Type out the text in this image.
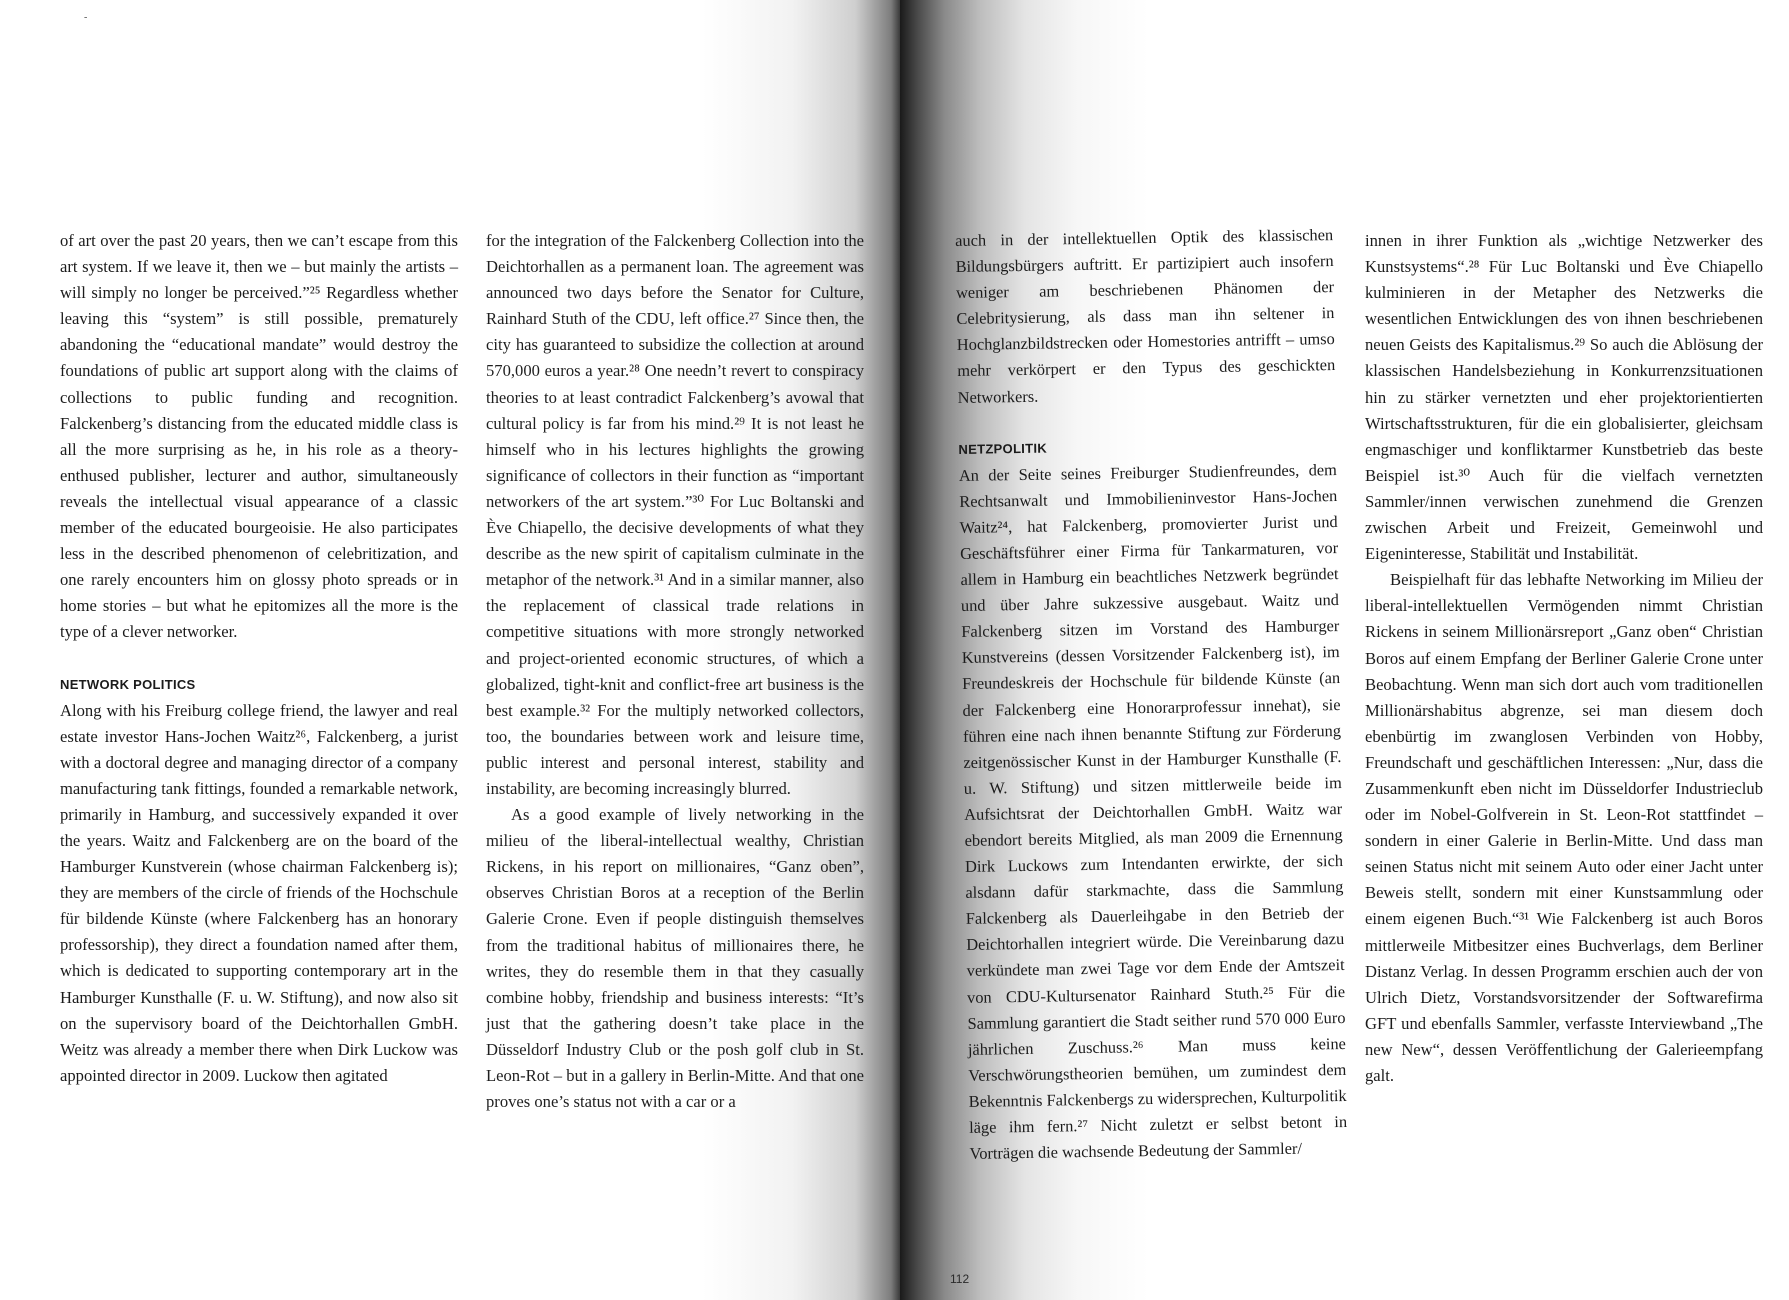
-

of art over the past 20 years, then we can’t escape from this art system. If we leave it, then we – but mainly the artists – will simply no longer be perceived.”²⁵ Regardless whether leaving this “system” is still possible, prematurely abandoning the “educational mandate” would destroy the foundations of public art support along with the claims of collections to public funding and recognition. Falckenberg’s distancing from the educated middle class is all the more surprising as he, in his role as a theory-enthused publisher, lecturer and author, simultaneously reveals the intellectual visual appearance of a classic member of the educated bourgeoisie. He also participates less in the described phenomenon of celebritization, and one rarely encounters him on glossy photo spreads or in home stories – but what he epitomizes all the more is the type of a clever networker.

NETWORK POLITICS

Along with his Freiburg college friend, the lawyer and real estate investor Hans-Jochen Waitz²⁶, Falckenberg, a jurist with a doctoral degree and managing director of a company manufacturing tank fittings, founded a remarkable network, primarily in Hamburg, and successively expanded it over the years. Waitz and Falckenberg are on the board of the Hamburger Kunstverein (whose chairman Falckenberg is); they are members of the circle of friends of the Hochschule für bildende Künste (where Falckenberg has an honorary professorship), they direct a foundation named after them, which is dedicated to supporting contemporary art in the Hamburger Kunsthalle (F. u. W. Stiftung), and now also sit on the supervisory board of the Deichtorhallen GmbH. Weitz was already a member there when Dirk Luckow was appointed director in 2009. Luckow then agitated

for the integration of the Falckenberg Collection into the Deichtorhallen as a permanent loan. The agreement was announced two days before the Senator for Culture, Rainhard Stuth of the CDU, left office.²⁷ Since then, the city has guaranteed to subsidize the collection at around 570,000 euros a year.²⁸ One needn’t revert to conspiracy theories to at least contradict Falckenberg’s avowal that cultural policy is far from his mind.²⁹ It is not least he himself who in his lectures highlights the growing significance of collectors in their function as “important networkers of the art system.”³⁰ For Luc Boltanski and Ève Chiapello, the decisive developments of what they describe as the new spirit of capitalism culminate in the metaphor of the network.³¹ And in a similar manner, also the replacement of classical trade relations in competitive situations with more strongly networked and project-oriented economic structures, of which a globalized, tight-knit and conflict-free art business is the best example.³² For the multiply networked collectors, too, the boundaries between work and leisure time, public interest and personal interest, stability and instability, are becoming increasingly blurred.

As a good example of lively networking in the milieu of the liberal-intellectual wealthy, Christian Rickens, in his report on millionaires, “Ganz oben”, observes Christian Boros at a reception of the Berlin Galerie Crone. Even if people distinguish themselves from the traditional habitus of millionaires there, he writes, they do resemble them in that they casually combine hobby, friendship and business interests: “It’s just that the gathering doesn’t take place in the Düsseldorf Industry Club or the posh golf club in St. Leon-Rot – but in a gallery in Berlin-Mitte. And that one proves one’s status not with a car or a

auch in der intellektuellen Optik des klassischen Bildungsbürgers auftritt. Er partizipiert auch insofern weniger am beschriebenen Phänomen der Celebritysierung, als dass man ihn seltener in Hochglanzbildstrecken oder Homestories antrifft – umso mehr verkörpert er den Typus des geschickten Networkers.

NETZPOLITIK

An der Seite seines Freiburger Studienfreundes, dem Rechtsanwalt und Immobilieninvestor Hans-Jochen Waitz²⁴, hat Falckenberg, promovierter Jurist und Geschäftsführer einer Firma für Tankarmaturen, vor allem in Hamburg ein beachtliches Netzwerk begründet und über Jahre sukzessive ausgebaut. Waitz und Falckenberg sitzen im Vorstand des Hamburger Kunstvereins (dessen Vorsitzender Falckenberg ist), im Freundeskreis der Hochschule für bildende Künste (an der Falckenberg eine Honorarprofessur innehat), sie führen eine nach ihnen benannte Stiftung zur Förderung zeitgenössischer Kunst in der Hamburger Kunsthalle (F. u. W. Stiftung) und sitzen mittlerweile beide im Aufsichtsrat der Deichtorhallen GmbH. Waitz war ebendort bereits Mitglied, als man 2009 die Ernennung Dirk Luckows zum Intendanten erwirkte, der sich alsdann dafür starkmachte, dass die Sammlung Falckenberg als Dauerleihgabe in den Betrieb der Deichtorhallen integriert würde. Die Vereinbarung dazu verkündete man zwei Tage vor dem Ende der Amtszeit von CDU-Kultursenator Rainhard Stuth.²⁵ Für die Sammlung garantiert die Stadt seither rund 570 000 Euro jährlichen Zuschuss.²⁶ Man muss keine Verschwörungstheorien bemühen, um zumindest dem Bekenntnis Falckenbergs zu widersprechen, Kulturpolitik läge ihm fern.²⁷ Nicht zuletzt er selbst betont in Vorträgen die wachsende Bedeutung der Sammler/

innen in ihrer Funktion als „wichtige Netzwerker des Kunstsystems“.²⁸ Für Luc Boltanski und Ève Chiapello kulminieren in der Metapher des Netzwerks die wesentlichen Entwicklungen des von ihnen beschriebenen neuen Geists des Kapitalismus.²⁹ So auch die Ablösung der klassischen Handelsbeziehung in Konkurrenzsituationen hin zu stärker vernetzten und eher projektorientierten Wirtschaftsstrukturen, für die ein globalisierter, gleichsam engmaschiger und konfliktarmer Kunstbetrieb das beste Beispiel ist.³⁰ Auch für die vielfach vernetzten Sammler/innen verwischen zunehmend die Grenzen zwischen Arbeit und Freizeit, Gemeinwohl und Eigeninteresse, Stabilität und Instabilität.

Beispielhaft für das lebhafte Networking im Milieu der liberal-intellektuellen Vermögenden nimmt Christian Rickens in seinem Millionärsreport „Ganz oben“ Christian Boros auf einem Empfang der Berliner Galerie Crone unter Beobachtung. Wenn man sich dort auch vom traditionellen Millionärshabitus abgrenze, sei man diesem doch ebenbürtig im zwanglosen Verbinden von Hobby, Freundschaft und geschäftlichen Interessen: „Nur, dass die Zusammenkunft eben nicht im Düsseldorfer Industrieclub oder im Nobel-Golfverein in St. Leon-Rot stattfindet – sondern in einer Galerie in Berlin-Mitte. Und dass man seinen Status nicht mit seinem Auto oder einer Jacht unter Beweis stellt, sondern mit einer Kunstsammlung oder einem eigenen Buch.“³¹ Wie Falckenberg ist auch Boros mittlerweile Mitbesitzer eines Buchverlags, dem Berliner Distanz Verlag. In dessen Programm erschien auch der von Ulrich Dietz, Vorstandsvorsitzender der Softwarefirma GFT und ebenfalls Sammler, verfasste Interviewband „The new New“, dessen Veröffentlichung der Galerieempfang galt.

112
